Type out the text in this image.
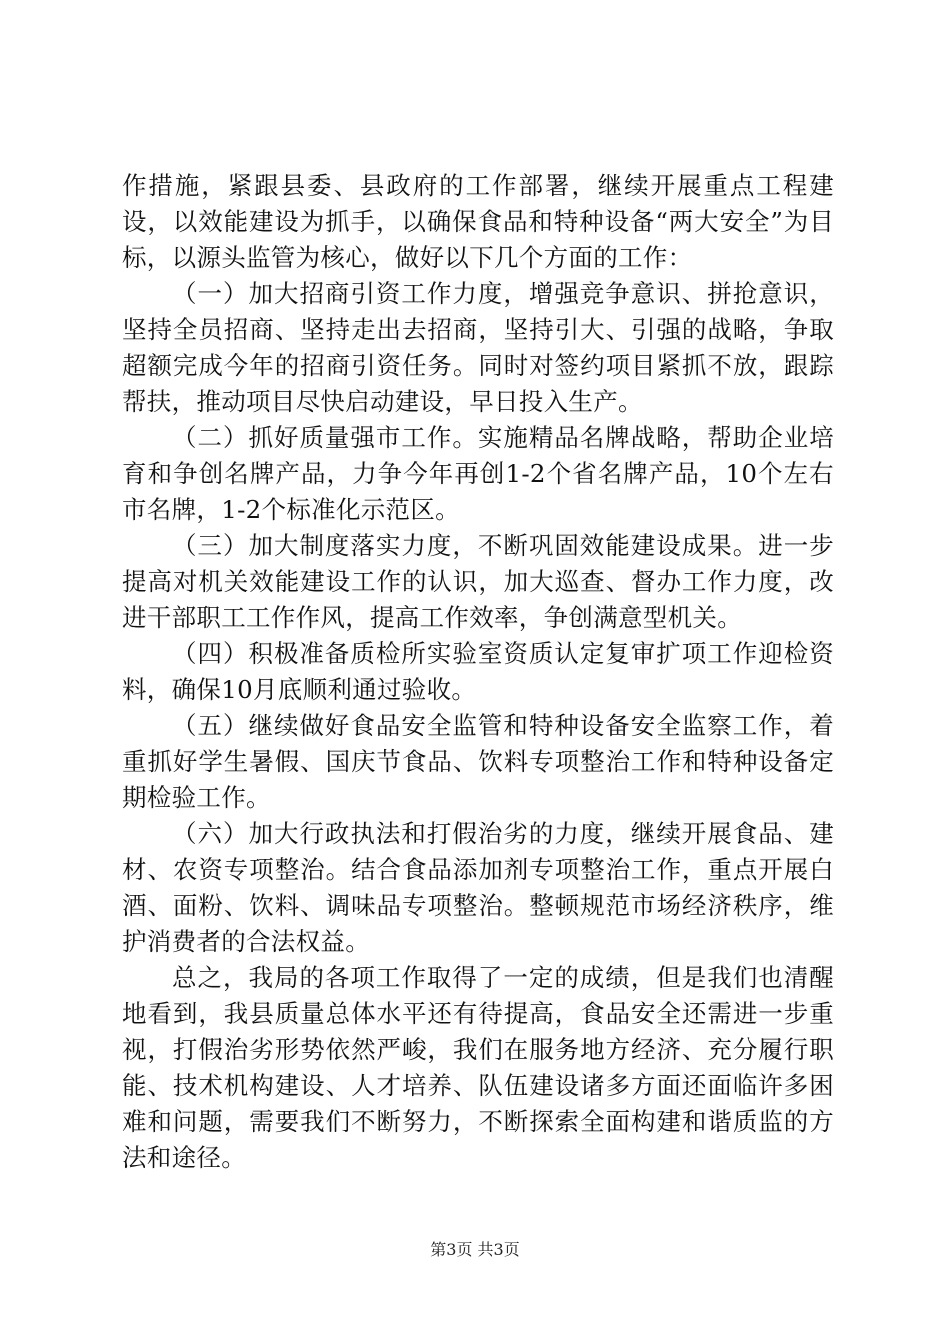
作措施，紧跟县委、县政府的工作部署，继续开展重点工程建设，以效能建设为抓手，以确保食品和特种设备“两大安全”为目标，以源头监管为核心，做好以下几个方面的工作：

（一）加大招商引资工作力度，增强竞争意识、拼抢意识，坚持全员招商、坚持走出去招商，坚持引大、引强的战略，争取超额完成今年的招商引资任务。同时对签约项目紧抓不放，跟踪帮扶，推动项目尽快启动建设，早日投入生产。

（二）抓好质量强市工作。实施精品名牌战略，帮助企业培育和争创名牌产品，力争今年再创1-2个省名牌产品，10个左右市名牌，1-2个标准化示范区。

（三）加大制度落实力度，不断巩固效能建设成果。进一步提高对机关效能建设工作的认识，加大巡查、督办工作力度，改进干部职工工作作风，提高工作效率，争创满意型机关。

（四）积极准备质检所实验室资质认定复审扩项工作迎检资料，确保10月底顺利通过验收。

（五）继续做好食品安全监管和特种设备安全监察工作，着重抓好学生暑假、国庆节食品、饮料专项整治工作和特种设备定期检验工作。

（六）加大行政执法和打假治劣的力度，继续开展食品、建材、农资专项整治。结合食品添加剂专项整治工作，重点开展白酒、面粉、饮料、调味品专项整治。整顿规范市场经济秩序，维护消费者的合法权益。

总之，我局的各项工作取得了一定的成绩，但是我们也清醒地看到，我县质量总体水平还有待提高，食品安全还需进一步重视，打假治劣形势依然严峻，我们在服务地方经济、充分履行职能、技术机构建设、人才培养、队伍建设诸多方面还面临许多困难和问题，需要我们不断努力，不断探索全面构建和谐质监的方法和途径。

第3页 共3页
